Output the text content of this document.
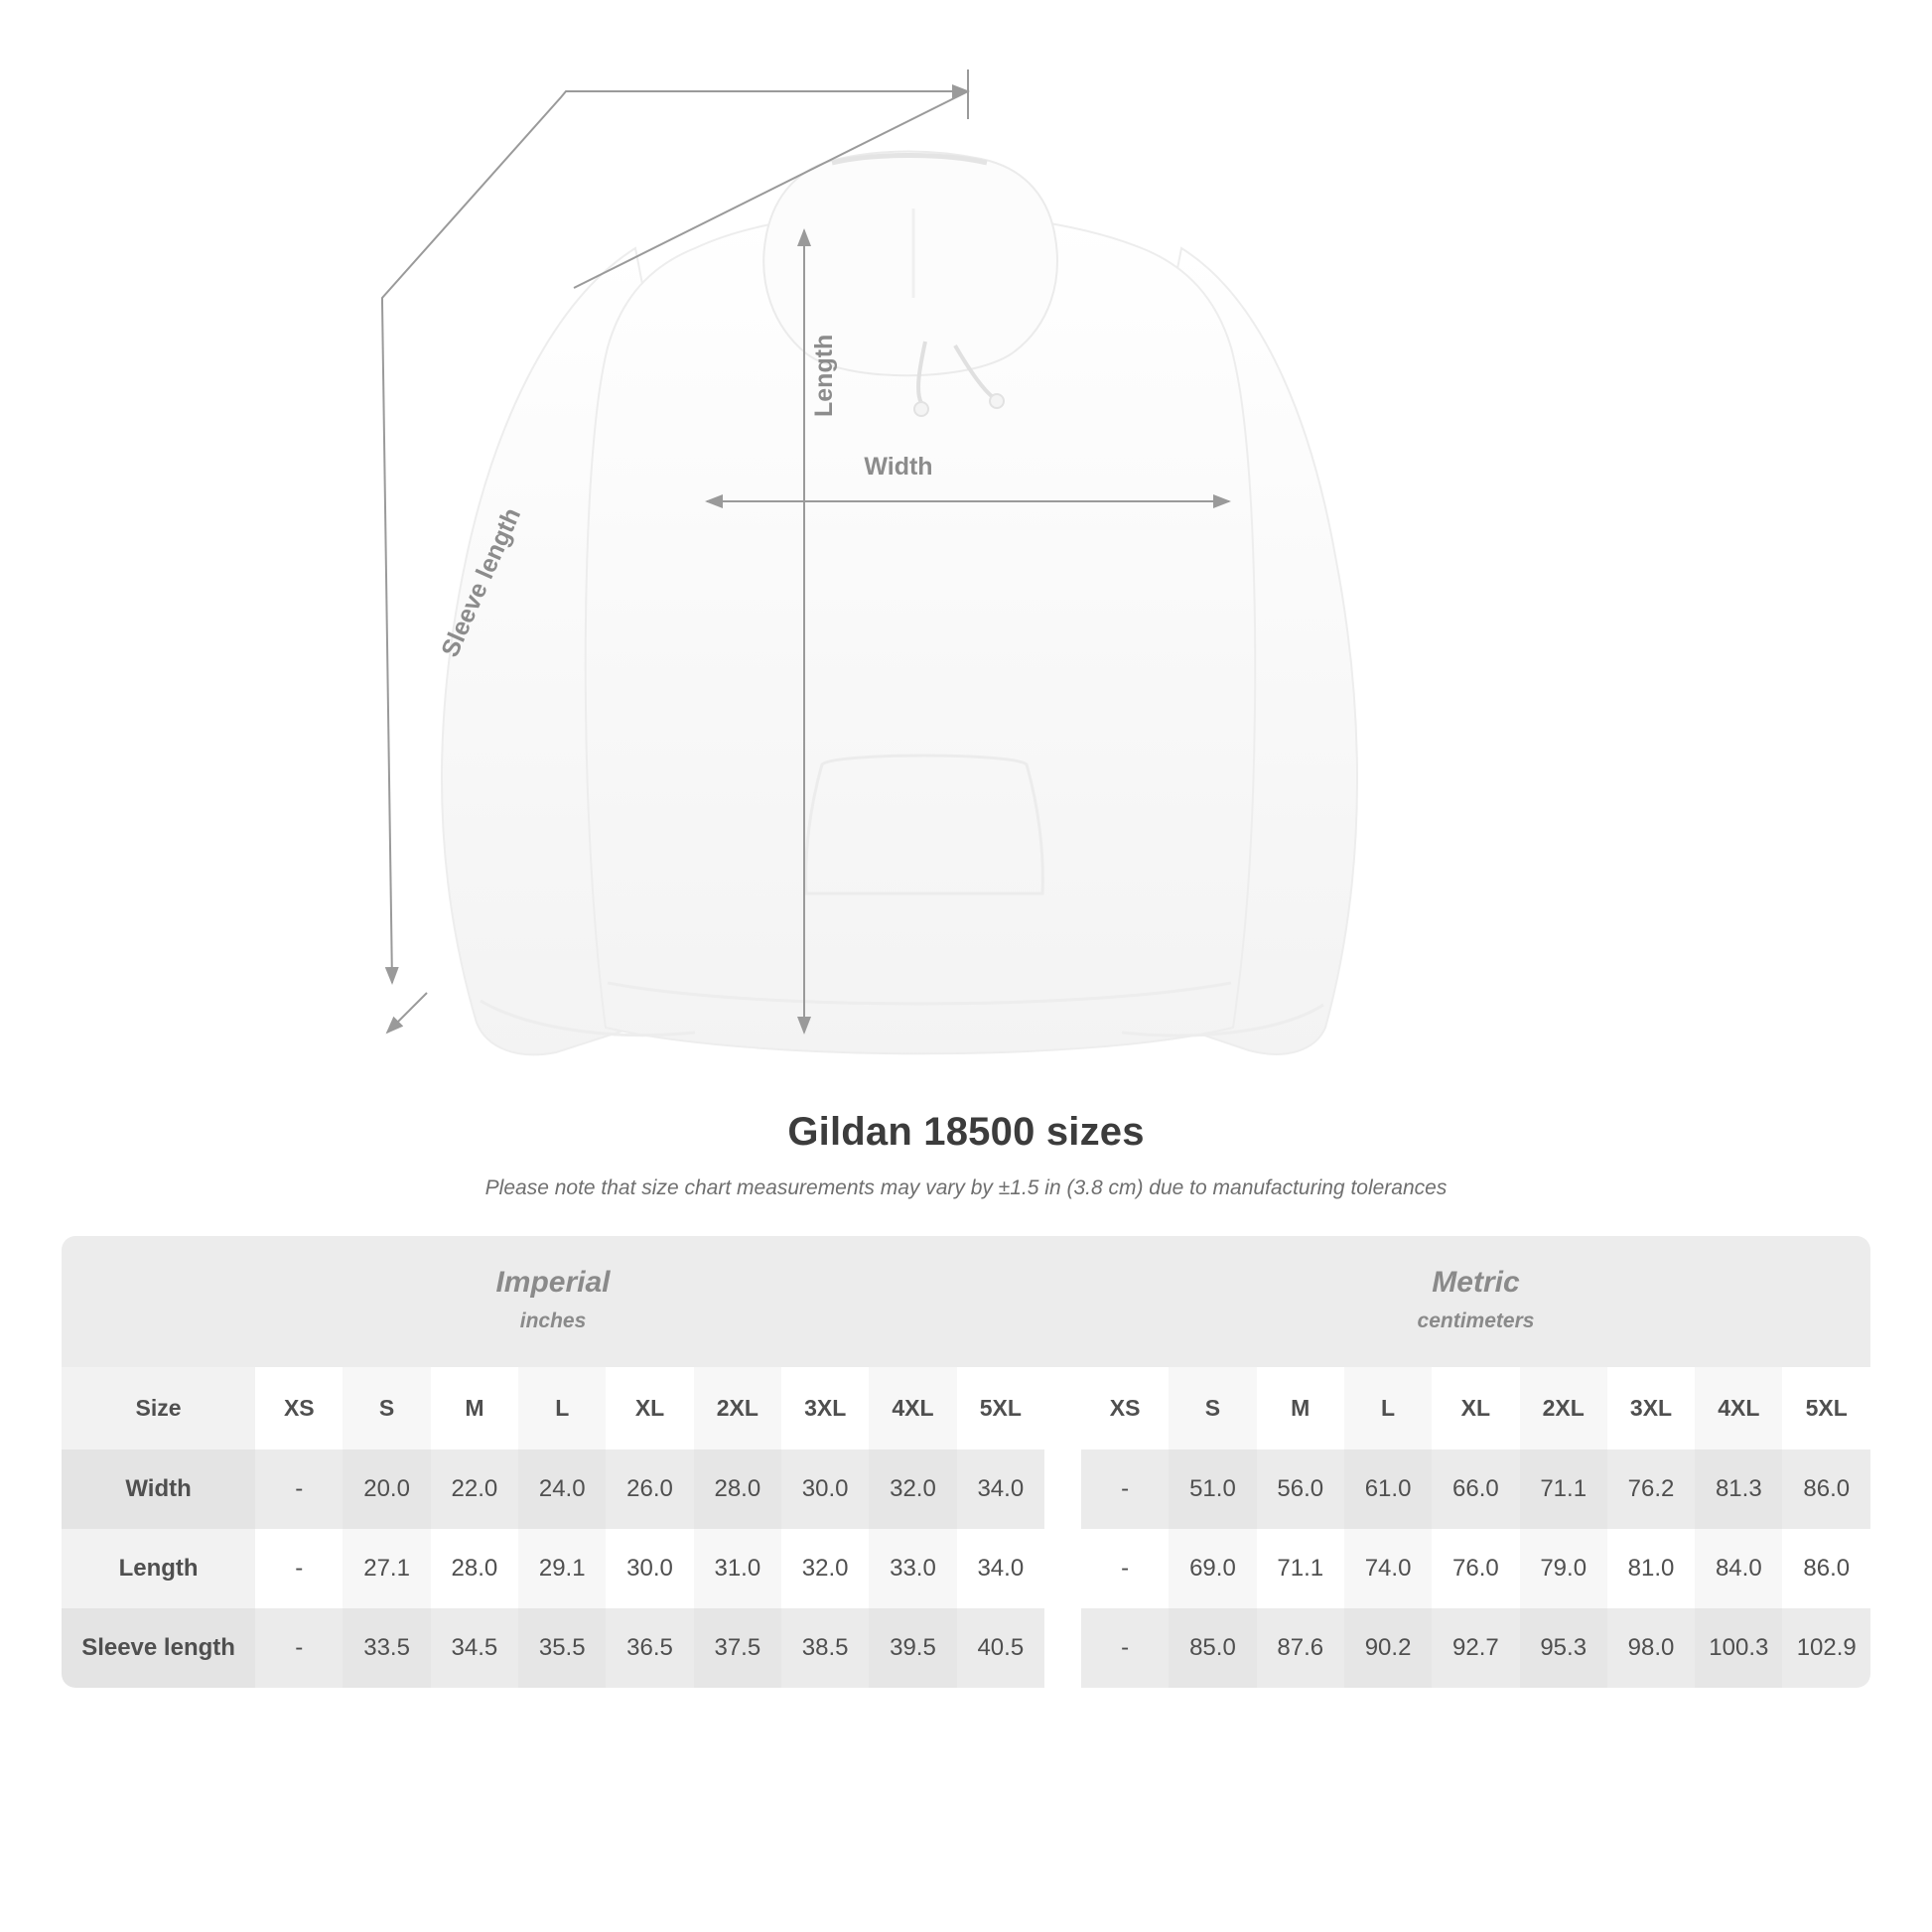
Length
Width
Sleeve length
Gildan 18500 sizes
Please note that size chart measurements may vary by ±1.5 in (3.8 cm) due to manufacturing tolerances
Imperial
inches											Metric
centimeters								

Size	XS	S	M	L	XL	2XL	3XL	4XL	5XL		XS	S	M	L	XL	2XL	3XL	4XL	5XL
Width	-	20.0	22.0	24.0	26.0	28.0	30.0	32.0	34.0		-	51.0	56.0	61.0	66.0	71.1	76.2	81.3	86.0
Length	-	27.1	28.0	29.1	30.0	31.0	32.0	33.0	34.0		-	69.0	71.1	74.0	76.0	79.0	81.0	84.0	86.0
Sleeve length	-	33.5	34.5	35.5	36.5	37.5	38.5	39.5	40.5		-	85.0	87.6	90.2	92.7	95.3	98.0	100.3	102.9
